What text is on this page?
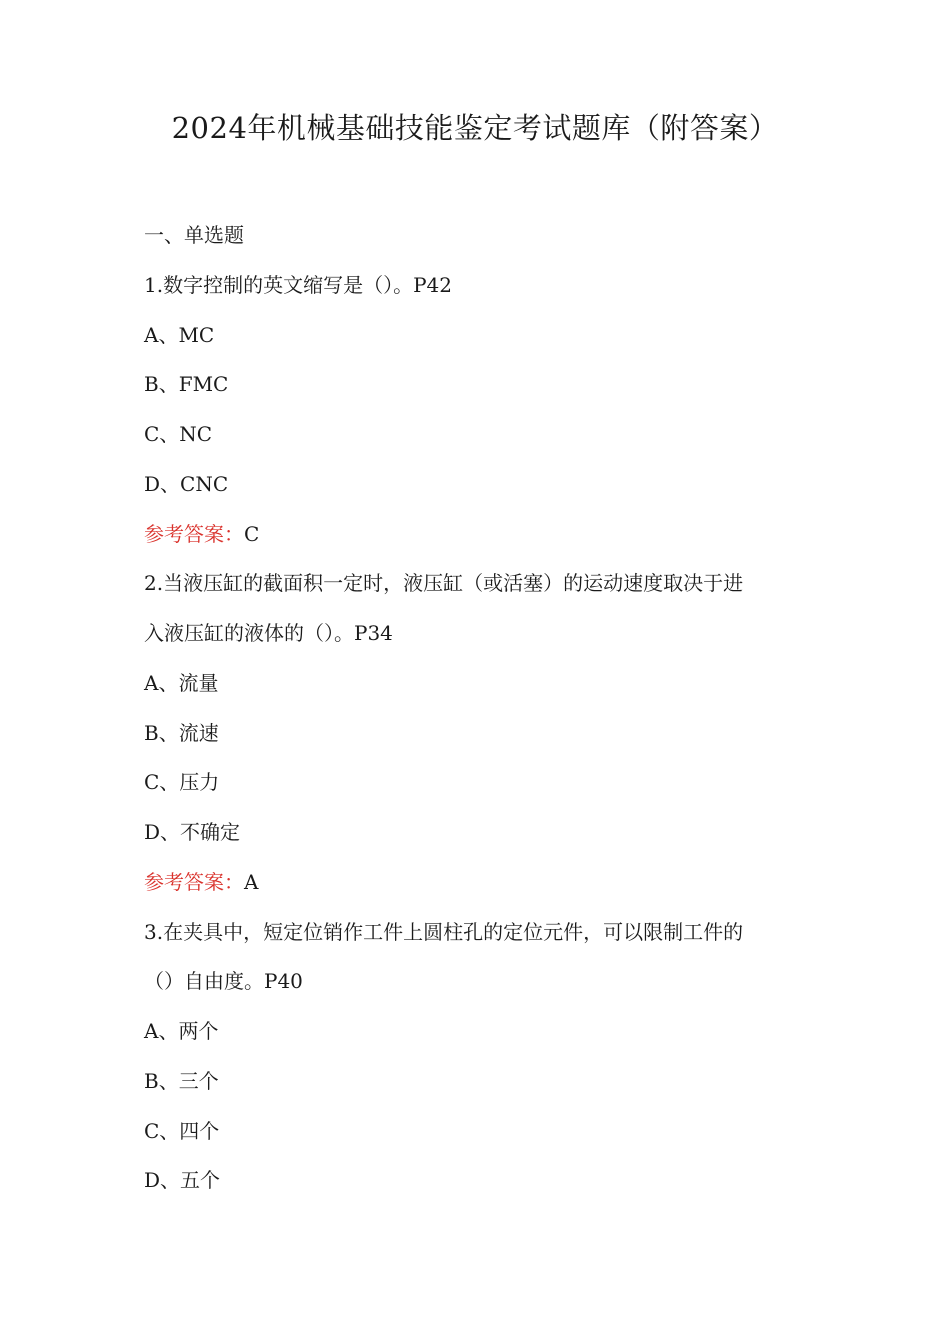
2024年机械基础技能鉴定考试题库（附答案）
一、单选题
1.数字控制的英文缩写是（）。P42
A、MC
B、FMC
C、NC
D、CNC
参考答案：C
2.当液压缸的截面积一定时，液压缸（或活塞）的运动速度取决于进
入液压缸的液体的（）。P34
A、流量
B、流速
C、压力
D、不确定
参考答案：A
3.在夹具中，短定位销作工件上圆柱孔的定位元件，可以限制工件的
（）自由度。P40
A、两个
B、三个
C、四个
D、五个
